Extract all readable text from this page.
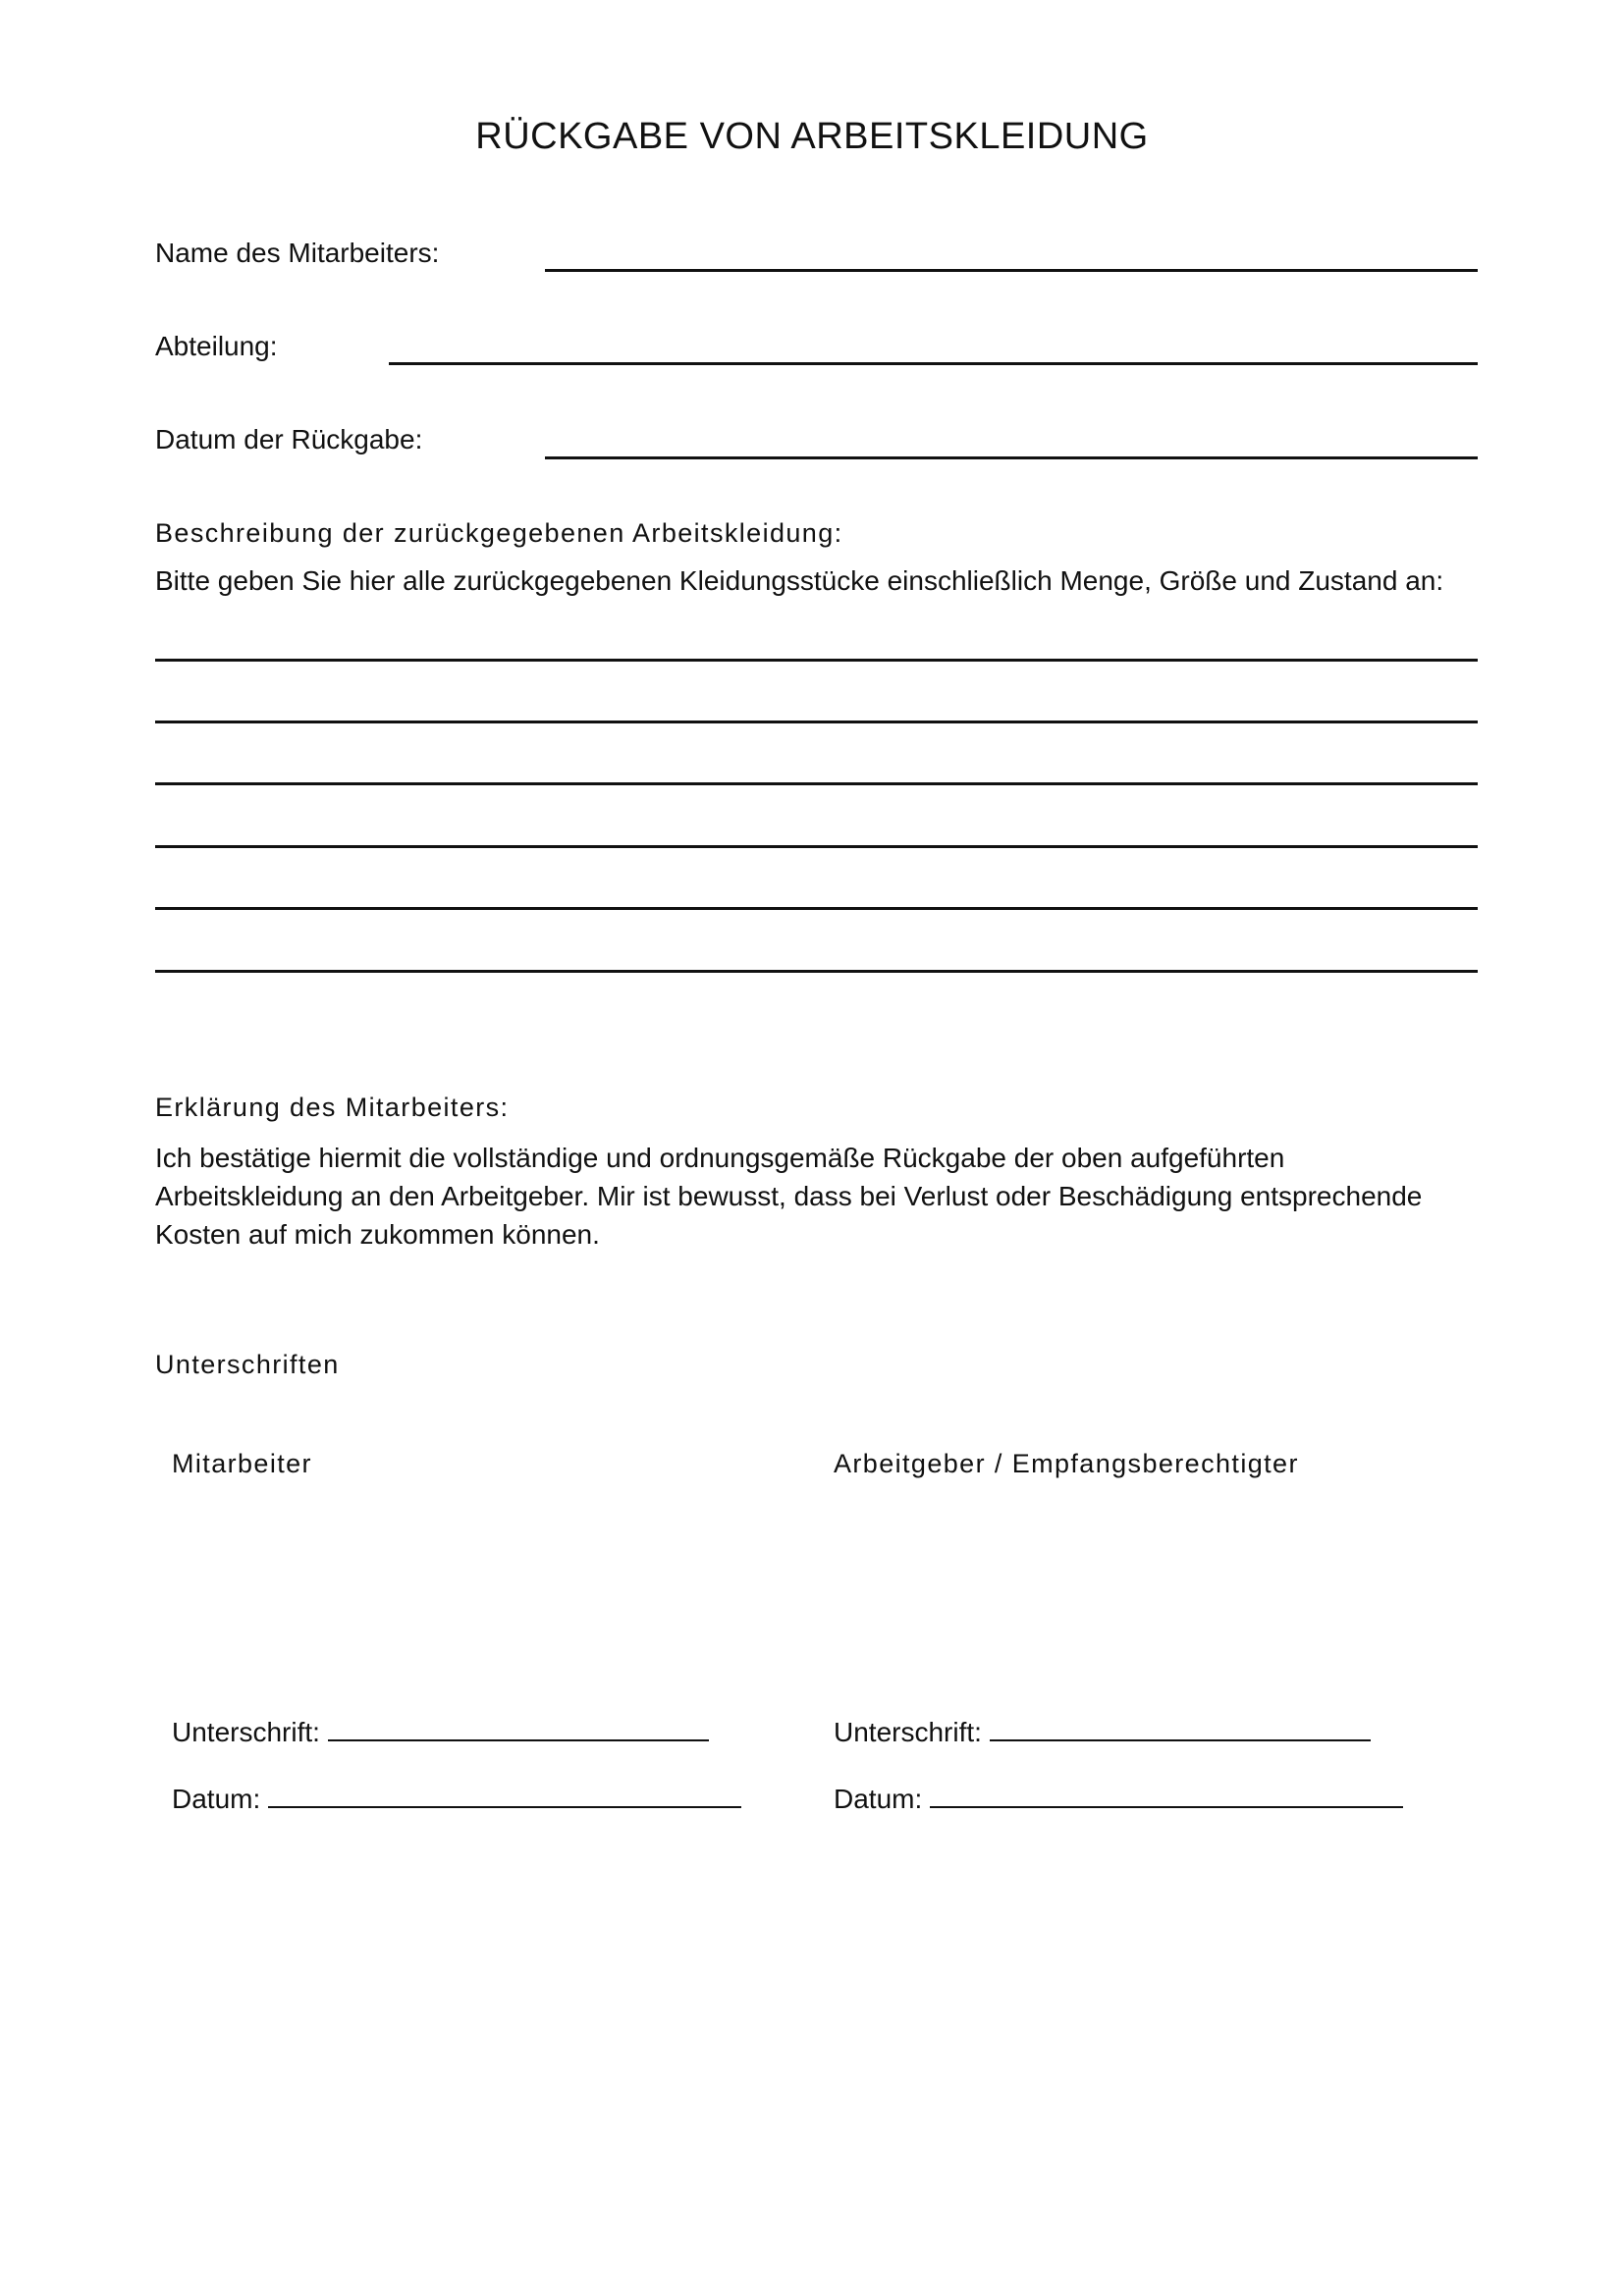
RÜCKGABE VON ARBEITSKLEIDUNG
Name des Mitarbeiters:
Abteilung:
Datum der Rückgabe:
Beschreibung der zurückgegebenen Arbeitskleidung:
Bitte geben Sie hier alle zurückgegebenen Kleidungsstücke einschließlich Menge, Größe und Zustand an:
Erklärung des Mitarbeiters:
Ich bestätige hiermit die vollständige und ordnungsgemäße Rückgabe der oben aufgeführten Arbeitskleidung an den Arbeitgeber. Mir ist bewusst, dass bei Verlust oder Beschädigung entsprechende Kosten auf mich zukommen können.
Unterschriften
Mitarbeiter	Arbeitgeber / Empfangsberechtigter
Unterschrift:	Unterschrift:
Datum:	Datum:
